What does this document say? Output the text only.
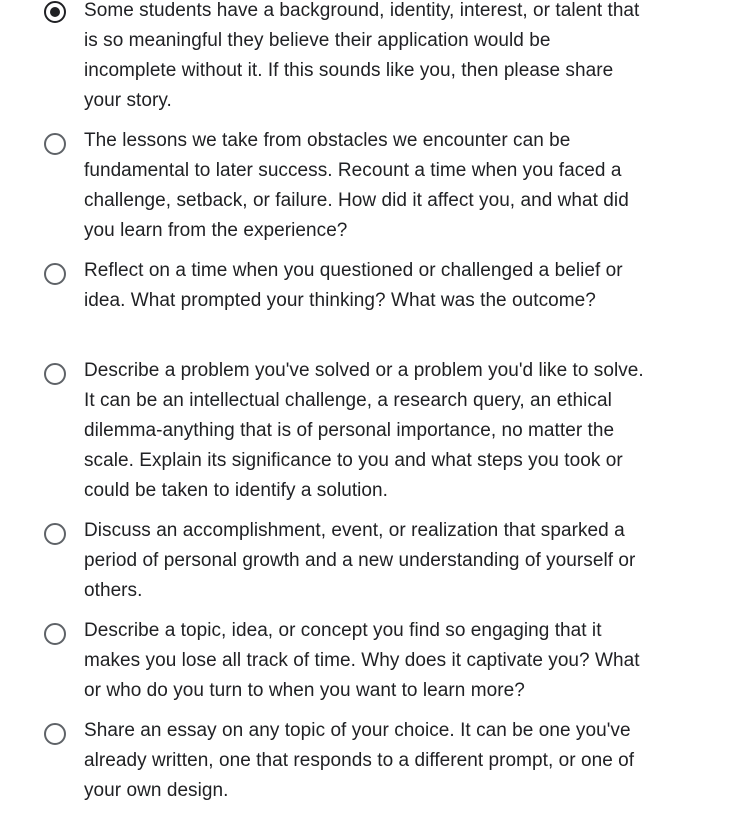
Some students have a background, identity, interest, or talent that is so meaningful they believe their application would be incomplete without it. If this sounds like you, then please share your story.
The lessons we take from obstacles we encounter can be fundamental to later success. Recount a time when you faced a challenge, setback, or failure. How did it affect you, and what did you learn from the experience?
Reflect on a time when you questioned or challenged a belief or idea. What prompted your thinking? What was the outcome?
Describe a problem you've solved or a problem you'd like to solve. It can be an intellectual challenge, a research query, an ethical dilemma-anything that is of personal importance, no matter the scale. Explain its significance to you and what steps you took or could be taken to identify a solution.
Discuss an accomplishment, event, or realization that sparked a period of personal growth and a new understanding of yourself or others.
Describe a topic, idea, or concept you find so engaging that it makes you lose all track of time. Why does it captivate you? What or who do you turn to when you want to learn more?
Share an essay on any topic of your choice. It can be one you've already written, one that responds to a different prompt, or one of your own design.
